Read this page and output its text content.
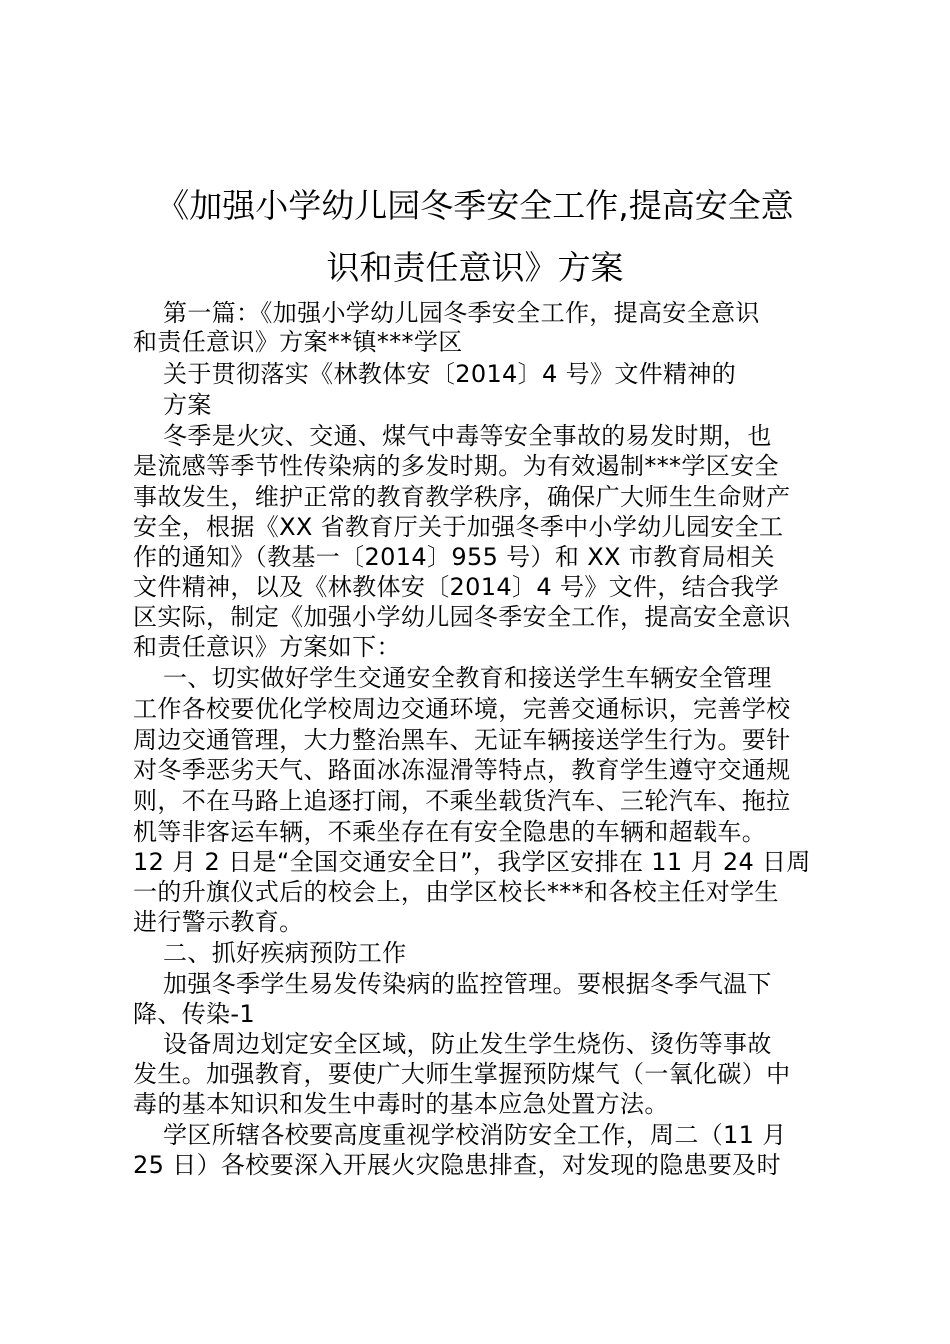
《加强小学幼儿园冬季安全工作,提高安全意
识和责任意识》方案
第一篇：《加强小学幼儿园冬季安全工作，提高安全意识
和责任意识》方案**镇***学区
关于贯彻落实《林教体安〔2014〕4 号》文件精神的
方案
冬季是火灾、交通、煤气中毒等安全事故的易发时期，也
是流感等季节性传染病的多发时期。为有效遏制***学区安全
事故发生，维护正常的教育教学秩序，确保广大师生生命财产
安全，根据《XX 省教育厅关于加强冬季中小学幼儿园安全工
作的通知》（教基一〔2014〕955 号）和 XX 市教育局相关
文件精神，以及《林教体安〔2014〕4 号》文件，结合我学
区实际，制定《加强小学幼儿园冬季安全工作，提高安全意识
和责任意识》方案如下：
一、切实做好学生交通安全教育和接送学生车辆安全管理
工作各校要优化学校周边交通环境，完善交通标识，完善学校
周边交通管理，大力整治黑车、无证车辆接送学生行为。要针
对冬季恶劣天气、路面冰冻湿滑等特点，教育学生遵守交通规
则，不在马路上追逐打闹，不乘坐载货汽车、三轮汽车、拖拉
机等非客运车辆，不乘坐存在有安全隐患的车辆和超载车。
12 月 2 日是“全国交通安全日”，我学区安排在 11 月 24 日周
一的升旗仪式后的校会上，由学区校长***和各校主任对学生
进行警示教育。
二、抓好疾病预防工作
加强冬季学生易发传染病的监控管理。要根据冬季气温下
降、传染-1
设备周边划定安全区域，防止发生学生烧伤、烫伤等事故
发生。加强教育，要使广大师生掌握预防煤气（一氧化碳）中
毒的基本知识和发生中毒时的基本应急处置方法。
学区所辖各校要高度重视学校消防安全工作，周二（11 月
25 日）各校要深入开展火灾隐患排查，对发现的隐患要及时
